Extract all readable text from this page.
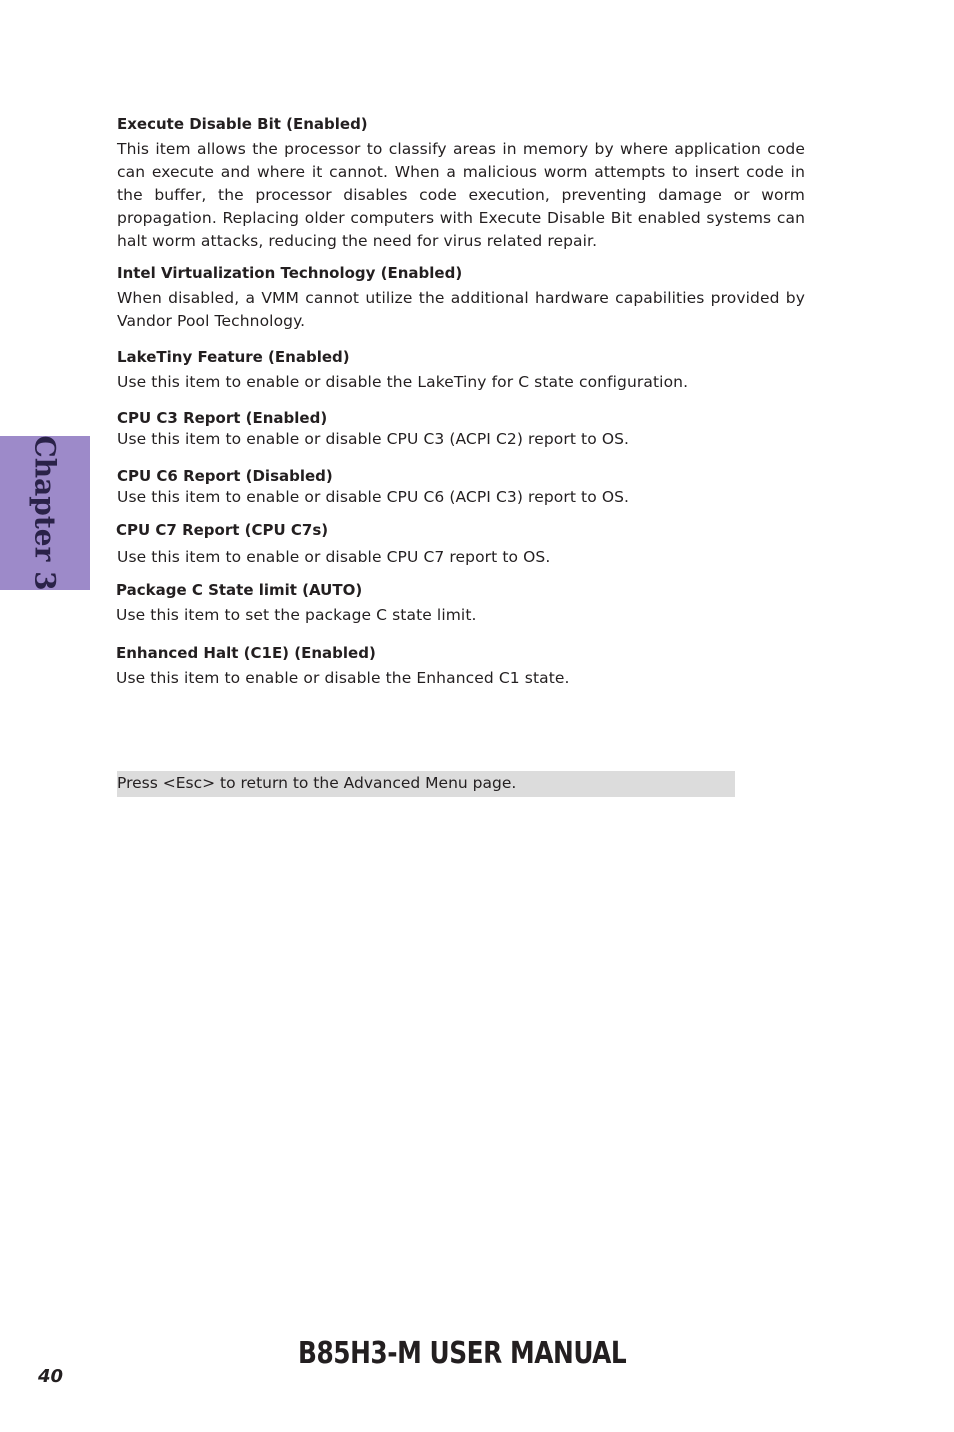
Chapter 3

Execute Disable Bit (Enabled)

This item allows the processor to classify areas in memory by where application code can execute and where it cannot. When a malicious worm attempts to insert code in the buffer, the processor disables code execution, preventing damage or worm propagation. Replacing older computers with Execute Disable Bit enabled systems can halt worm attacks, reducing the need for virus related repair.

Intel Virtualization Technology (Enabled)

When disabled, a VMM cannot utilize the additional hardware capabilities provided by Vandor Pool Technology.

LakeTiny Feature (Enabled)

Use this item to enable or disable the LakeTiny for C state configuration.

CPU C3 Report (Enabled)

Use this item to enable or disable CPU C3 (ACPI C2) report to OS.

CPU C6 Report (Disabled)

Use this item to enable or disable CPU C6 (ACPI C3) report to OS.

CPU C7 Report (CPU C7s)

Use this item to enable or disable CPU C7 report to OS.

Package C State limit (AUTO)

Use this item to set the package C state limit.

Enhanced Halt (C1E) (Enabled)

Use this item to enable or disable the Enhanced C1 state.

Press <Esc> to return to the Advanced Menu page.
40
B85H3-M USER MANUAL
